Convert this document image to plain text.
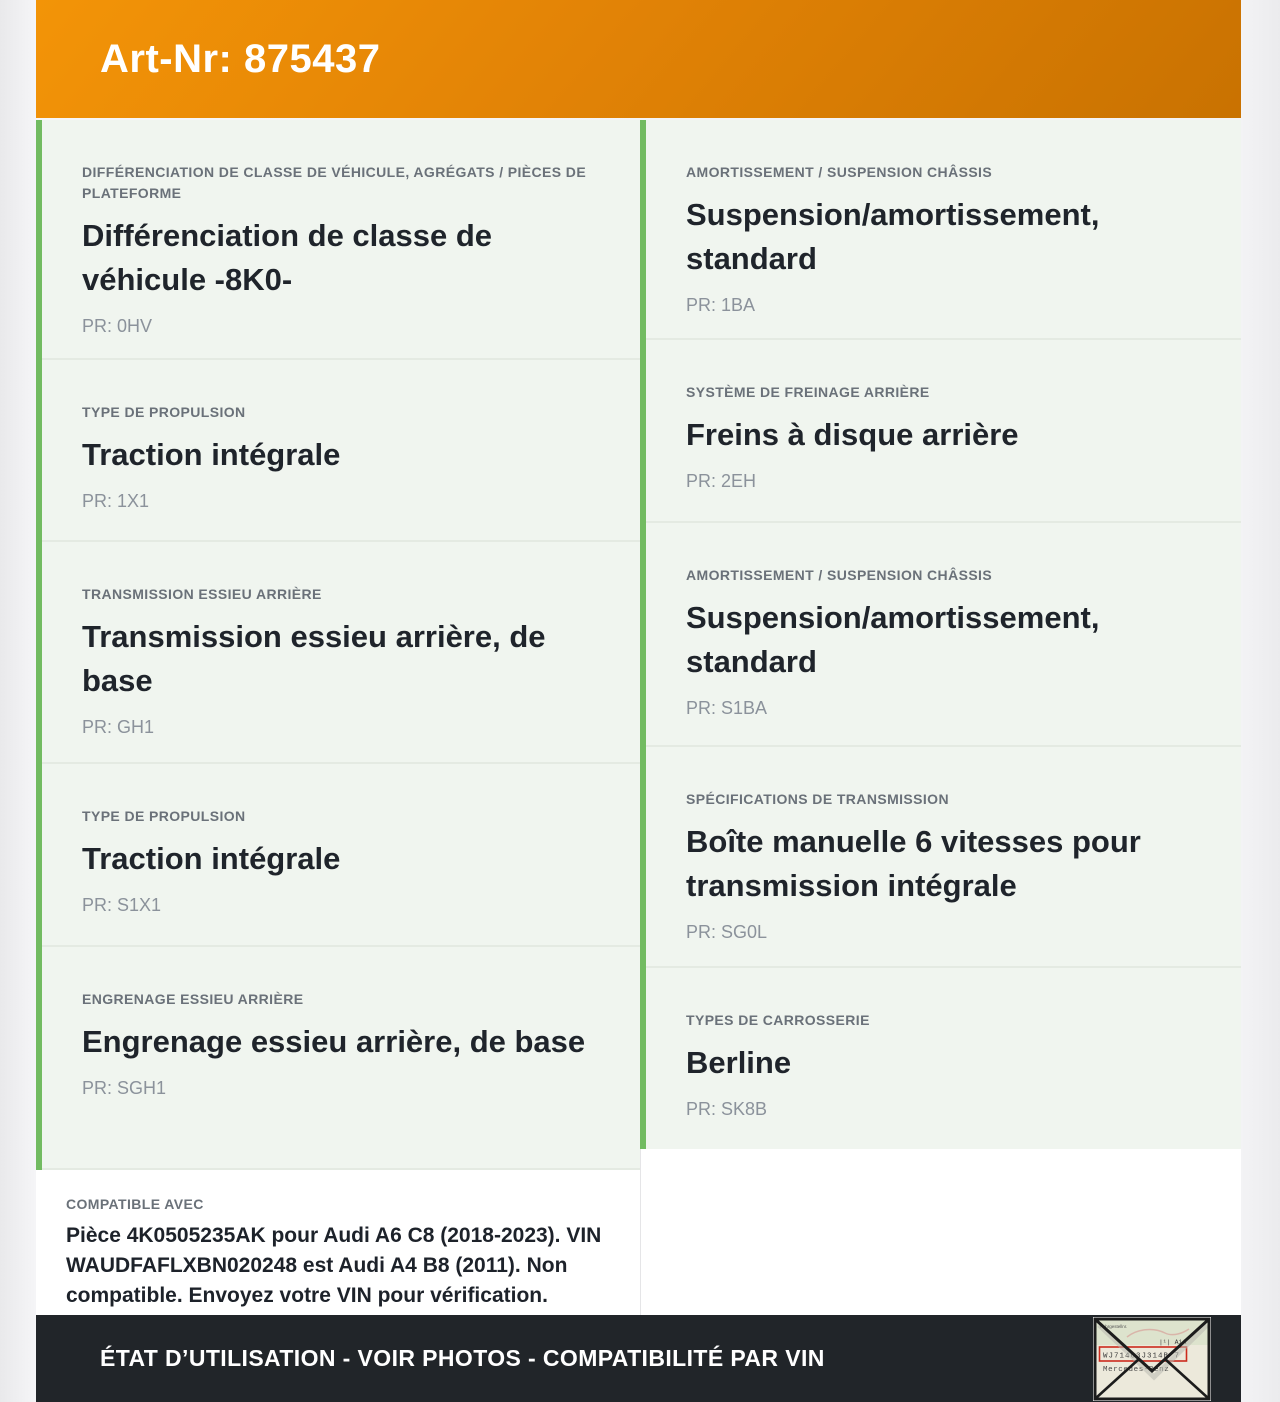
Art-Nr: 875437
DIFFÉRENCIATION DE CLASSE DE VÉHICULE, AGRÉGATS / PIÈCES DE PLATEFORME
Différenciation de classe de véhicule -8K0-
PR: 0HV
TYPE DE PROPULSION
Traction intégrale
PR: 1X1
TRANSMISSION ESSIEU ARRIÈRE
Transmission essieu arrière, de base
PR: GH1
TYPE DE PROPULSION
Traction intégrale
PR: S1X1
ENGRENAGE ESSIEU ARRIÈRE
Engrenage essieu arrière, de base
PR: SGH1
COMPATIBLE AVEC
Pièce 4K0505235AK pour Audi A6 C8 (2018-2023). VIN WAUDFAFLXBN020248 est Audi A4 B8 (2011). Non compatible. Envoyez votre VIN pour vérification.
AMORTISSEMENT / SUSPENSION CHÂSSIS
Suspension/amortissement, standard
PR: 1BA
SYSTÈME DE FREINAGE ARRIÈRE
Freins à disque arrière
PR: 2EH
AMORTISSEMENT / SUSPENSION CHÂSSIS
Suspension/amortissement, standard
PR: S1BA
SPÉCIFICATIONS DE TRANSMISSION
Boîte manuelle 6 vitesses pour transmission intégrale
PR: SG0L
TYPES DE CARROSSERIE
Berline
PR: SK8B
ÉTAT D’UTILISATION - VOIR PHOTOS - COMPATIBILITÉ PAR VIN
Fahrgestellnr.
|¹| AiA
WJ71463J314B 7
Mercedes-Benz
